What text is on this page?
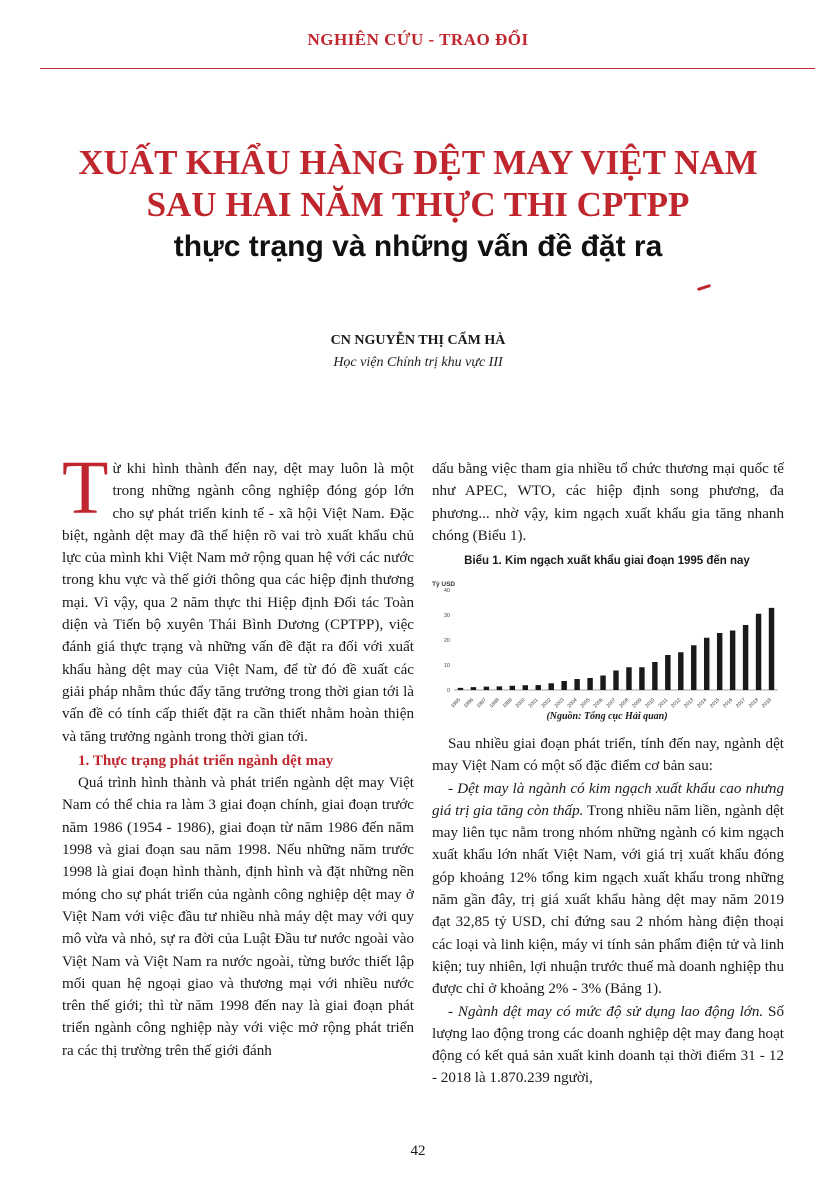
NGHIÊN CỨU - TRAO ĐỔI
XUẤT KHẨU HÀNG DỆT MAY VIỆT NAM
SAU HAI NĂM THỰC THI CPTPP
thực trạng và những vấn đề đặt ra
CN NGUYỄN THỊ CẨM HÀ
Học viện Chính trị khu vực III

Từ khi hình thành đến nay, dệt may luôn là một trong những ngành công nghiệp đóng góp lớn cho sự phát triển kinh tế - xã hội Việt Nam. Đặc biệt, ngành dệt may đã thể hiện rõ vai trò xuất khẩu chủ lực của mình khi Việt Nam mở rộng quan hệ với các nước trong khu vực và thế giới thông qua các hiệp định thương mại. Vì vậy, qua 2 năm thực thi Hiệp định Đối tác Toàn diện và Tiến bộ xuyên Thái Bình Dương (CPTPP), việc đánh giá thực trạng và những vấn đề đặt ra đối với xuất khẩu hàng dệt may của Việt Nam, để từ đó đề xuất các giải pháp nhằm thúc đẩy tăng trưởng trong thời gian tới là vấn đề có tính cấp thiết đặt ra cần thiết nhằm hoàn thiện và tăng trưởng ngành trong thời gian tới.

1. Thực trạng phát triển ngành dệt may

Quá trình hình thành và phát triển ngành dệt may Việt Nam có thể chia ra làm 3 giai đoạn chính, giai đoạn trước năm 1986 (1954 - 1986), giai đoạn từ năm 1986 đến năm 1998 và giai đoạn sau năm 1998. Nếu những năm trước 1998 là giai đoạn hình thành, định hình và đặt những nền móng cho sự phát triển của ngành công nghiệp dệt may ở Việt Nam với việc đầu tư nhiều nhà máy dệt may với quy mô vừa và nhỏ, sự ra đời của Luật Đầu tư nước ngoài vào Việt Nam và Việt Nam ra nước ngoài, từng bước thiết lập mối quan hệ ngoại giao và thương mại với nhiều nước trên thế giới; thì từ năm 1998 đến nay là giai đoạn phát triển ngành công nghiệp này với việc mở rộng phát triển ra các thị trường trên thế giới đánh

dấu bằng việc tham gia nhiều tổ chức thương mại quốc tế như APEC, WTO, các hiệp định song phương, đa phương... nhờ vậy, kim ngạch xuất khẩu gia tăng nhanh chóng (Biểu 1).

Biểu 1. Kim ngạch xuất khẩu giai đoạn 1995 đến nay
Tỷ USD
0
10
20
30
40
1995 1996 1997 1998 1999 2000 2001 2002 2003 2004 2005 2006 2007 2008 2009 2010 2011 2012 2013 2014 2015 2016 2017 2018 2019
(Nguồn: Tổng cục Hải quan)

Sau nhiều giai đoạn phát triển, tính đến nay, ngành dệt may Việt Nam có một số đặc điểm cơ bản sau:

- Dệt may là ngành có kim ngạch xuất khẩu cao nhưng giá trị gia tăng còn thấp. Trong nhiều năm liền, ngành dệt may liên tục nằm trong nhóm những ngành có kim ngạch xuất khẩu lớn nhất Việt Nam, với giá trị xuất khẩu đóng góp khoảng 12% tổng kim ngạch xuất khẩu trong những năm gần đây, trị giá xuất khẩu hàng dệt may năm 2019 đạt 32,85 tỷ USD, chỉ đứng sau 2 nhóm hàng điện thoại các loại và linh kiện, máy vi tính sản phẩm điện tử và linh kiện; tuy nhiên, lợi nhuận trước thuế mà doanh nghiệp thu được chỉ ở khoảng 2% - 3% (Bảng 1).

- Ngành dệt may có mức độ sử dụng lao động lớn. Số lượng lao động trong các doanh nghiệp dệt may đang hoạt động có kết quả sản xuất kinh doanh tại thời điểm 31 - 12 - 2018 là 1.870.239 người,

42
